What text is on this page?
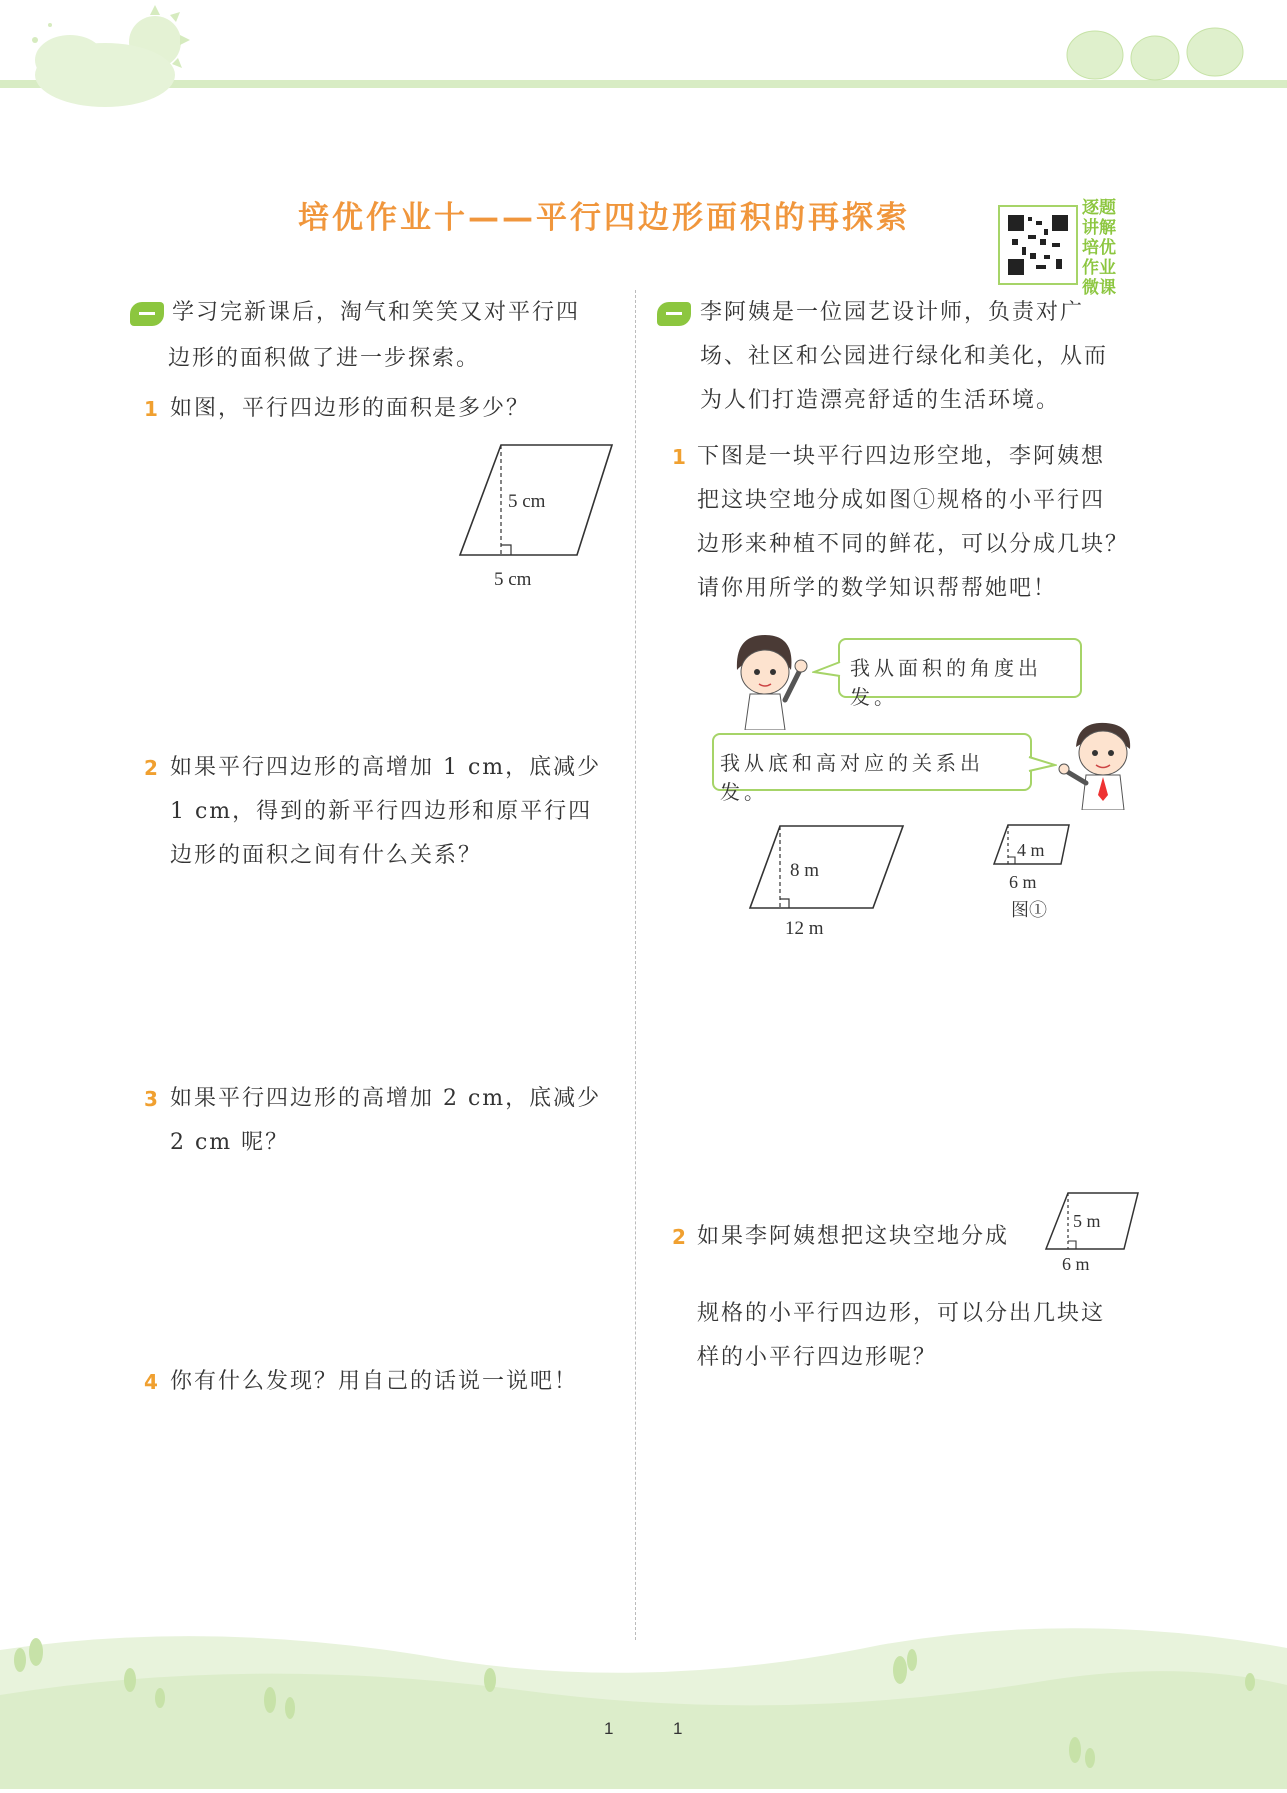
培优作业十——平行四边形面积的再探索	逐题讲解
培优作业
微课
学习完新课后，淘气和笑笑又对平行四
边形的面积做了进一步探索。
1 如图，平行四边形的面积是多少？
5 cm
5 cm
2 如果平行四边形的高增加 1 cm，底减少
1 cm，得到的新平行四边形和原平行四
边形的面积之间有什么关系？
3 如果平行四边形的高增加 2 cm，底减少
2 cm 呢？
4 你有什么发现？用自己的话说一说吧！
李阿姨是一位园艺设计师，负责对广
场、社区和公园进行绿化和美化，从而
为人们打造漂亮舒适的生活环境。
1 下图是一块平行四边形空地，李阿姨想
把这块空地分成如图①规格的小平行四
边形来种植不同的鲜花，可以分成几块？
请你用所学的数学知识帮帮她吧！
我从面积的角度出发。
我从底和高对应的关系出发。
8 m
12 m
4 m
6 m
图①
2 如果李阿姨想把这块空地分成
5 m
6 m
规格的小平行四边形，可以分出几块这
样的小平行四边形呢？
1	1
